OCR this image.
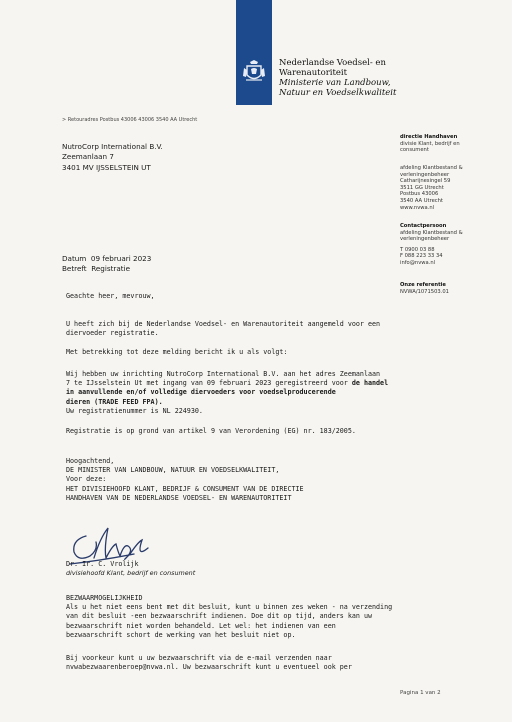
Nederlandse Voedsel- en
Warenautoriteit
Ministerie van Landbouw,
Natuur en Voedselkwaliteit
> Retouradres Postbus 43006 43006 3540 AA Utrecht
NutroCorp International B.V.
Zeemanlaan 7
3401 MV IJSSELSTEIN UT
directie Handhaven
divisie Klant, bedrijf en
consument
afdeling Klantbestand &
verleningenbeheer
Catharijnesingel 59
3511 GG Utrecht
Postbus 43006
3540 AA Utrecht
www.nvwa.nl
Contactpersoon
afdeling Klantbestand &
verleningenbeheer
T 0900 03 88
F 088 223 33 34
info@nvwa.nl
Onze referentie
NVWA/1071503.01
Datum 09 februari 2023
Betreft Registratie
Geachte heer, mevrouw,
U heeft zich bij de Nederlandse Voedsel- en Warenautoriteit aangemeld voor een
diervoeder registratie.
Met betrekking tot deze melding bericht ik u als volgt:
Wij hebben uw inrichting NutroCorp International B.V. aan het adres Zeemanlaan
7 te IJsselstein Ut met ingang van 09 februari 2023 geregistreerd voor de handel
in aanvullende en/of volledige diervoeders voor voedselproducerende
dieren (TRADE FEED FPA).
Uw registratienummer is NL 224930.
Registratie is op grond van artikel 9 van Verordening (EG) nr. 183/2005.
Hoogachtend,
DE MINISTER VAN LANDBOUW, NATUUR EN VOEDSELKWALITEIT,
Voor deze:
HET DIVISIEHOOFD KLANT, BEDRIJF & CONSUMENT VAN DE DIRECTIE
HANDHAVEN VAN DE NEDERLANDSE VOEDSEL- EN WARENAUTORITEIT
Dr. Ir. C. Vrolijk
divisiehoofd Klant, bedrijf en consument
BEZWAARMOGELIJKHEID
Als u het niet eens bent met dit besluit, kunt u binnen zes weken - na verzending
van dit besluit -een bezwaarschrift indienen. Doe dit op tijd, anders kan uw
bezwaarschrift niet worden behandeld. Let wel: het indienen van een
bezwaarschrift schort de werking van het besluit niet op.
Bij voorkeur kunt u uw bezwaarschrift via de e-mail verzenden naar
nvwabezwaarenberoep@nvwa.nl. Uw bezwaarschrift kunt u eventueel ook per
Pagina 1 van 2
